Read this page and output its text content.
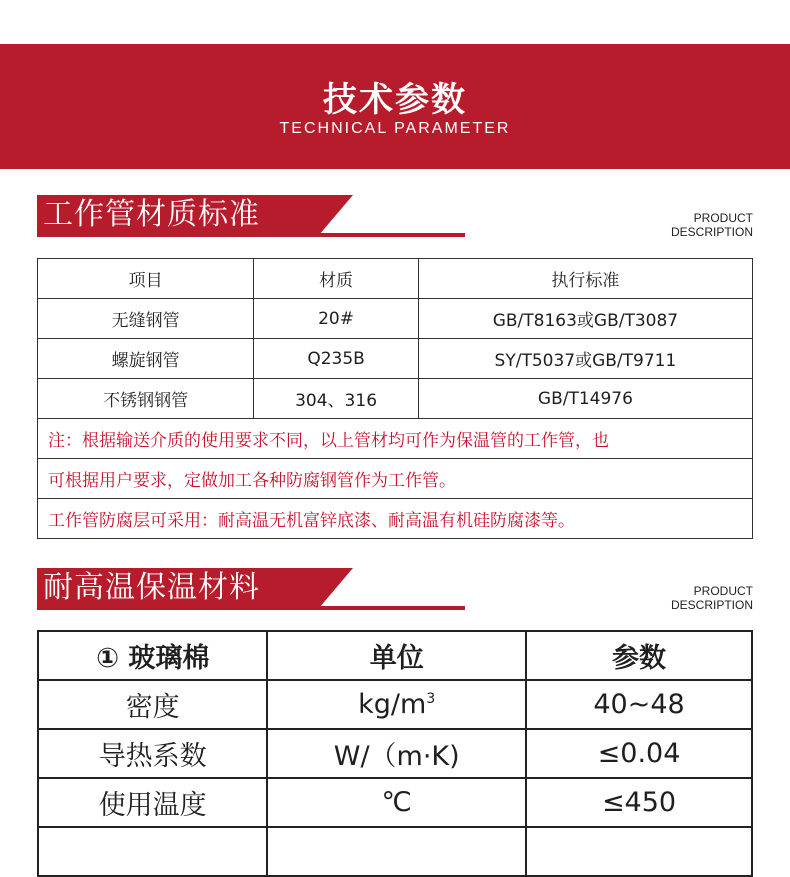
技术参数
TECHNICAL PARAMETER
工作管材质标准	PRODUCT
DESCRIPTION
项目	材质	执行标准
无缝钢管	20#	GB/T8163或GB/T3087
螺旋钢管	Q235B	SY/T5037或GB/T9711
不锈钢钢管	304、316	GB/T14976
注：根据输送介质的使用要求不同，以上管材均可作为保温管的工作管，也		
可根据用户要求，定做加工各种防腐钢管作为工作管。		
工作管防腐层可采用：耐高温无机富锌底漆、耐高温有机硅防腐漆等。		
耐高温保温材料	PRODUCT
DESCRIPTION
① 玻璃棉	单位	参数
密度	$kg/m^3$	40~48
导热系数	W/（m·K)	≤0.04
使用温度	℃	≤450
